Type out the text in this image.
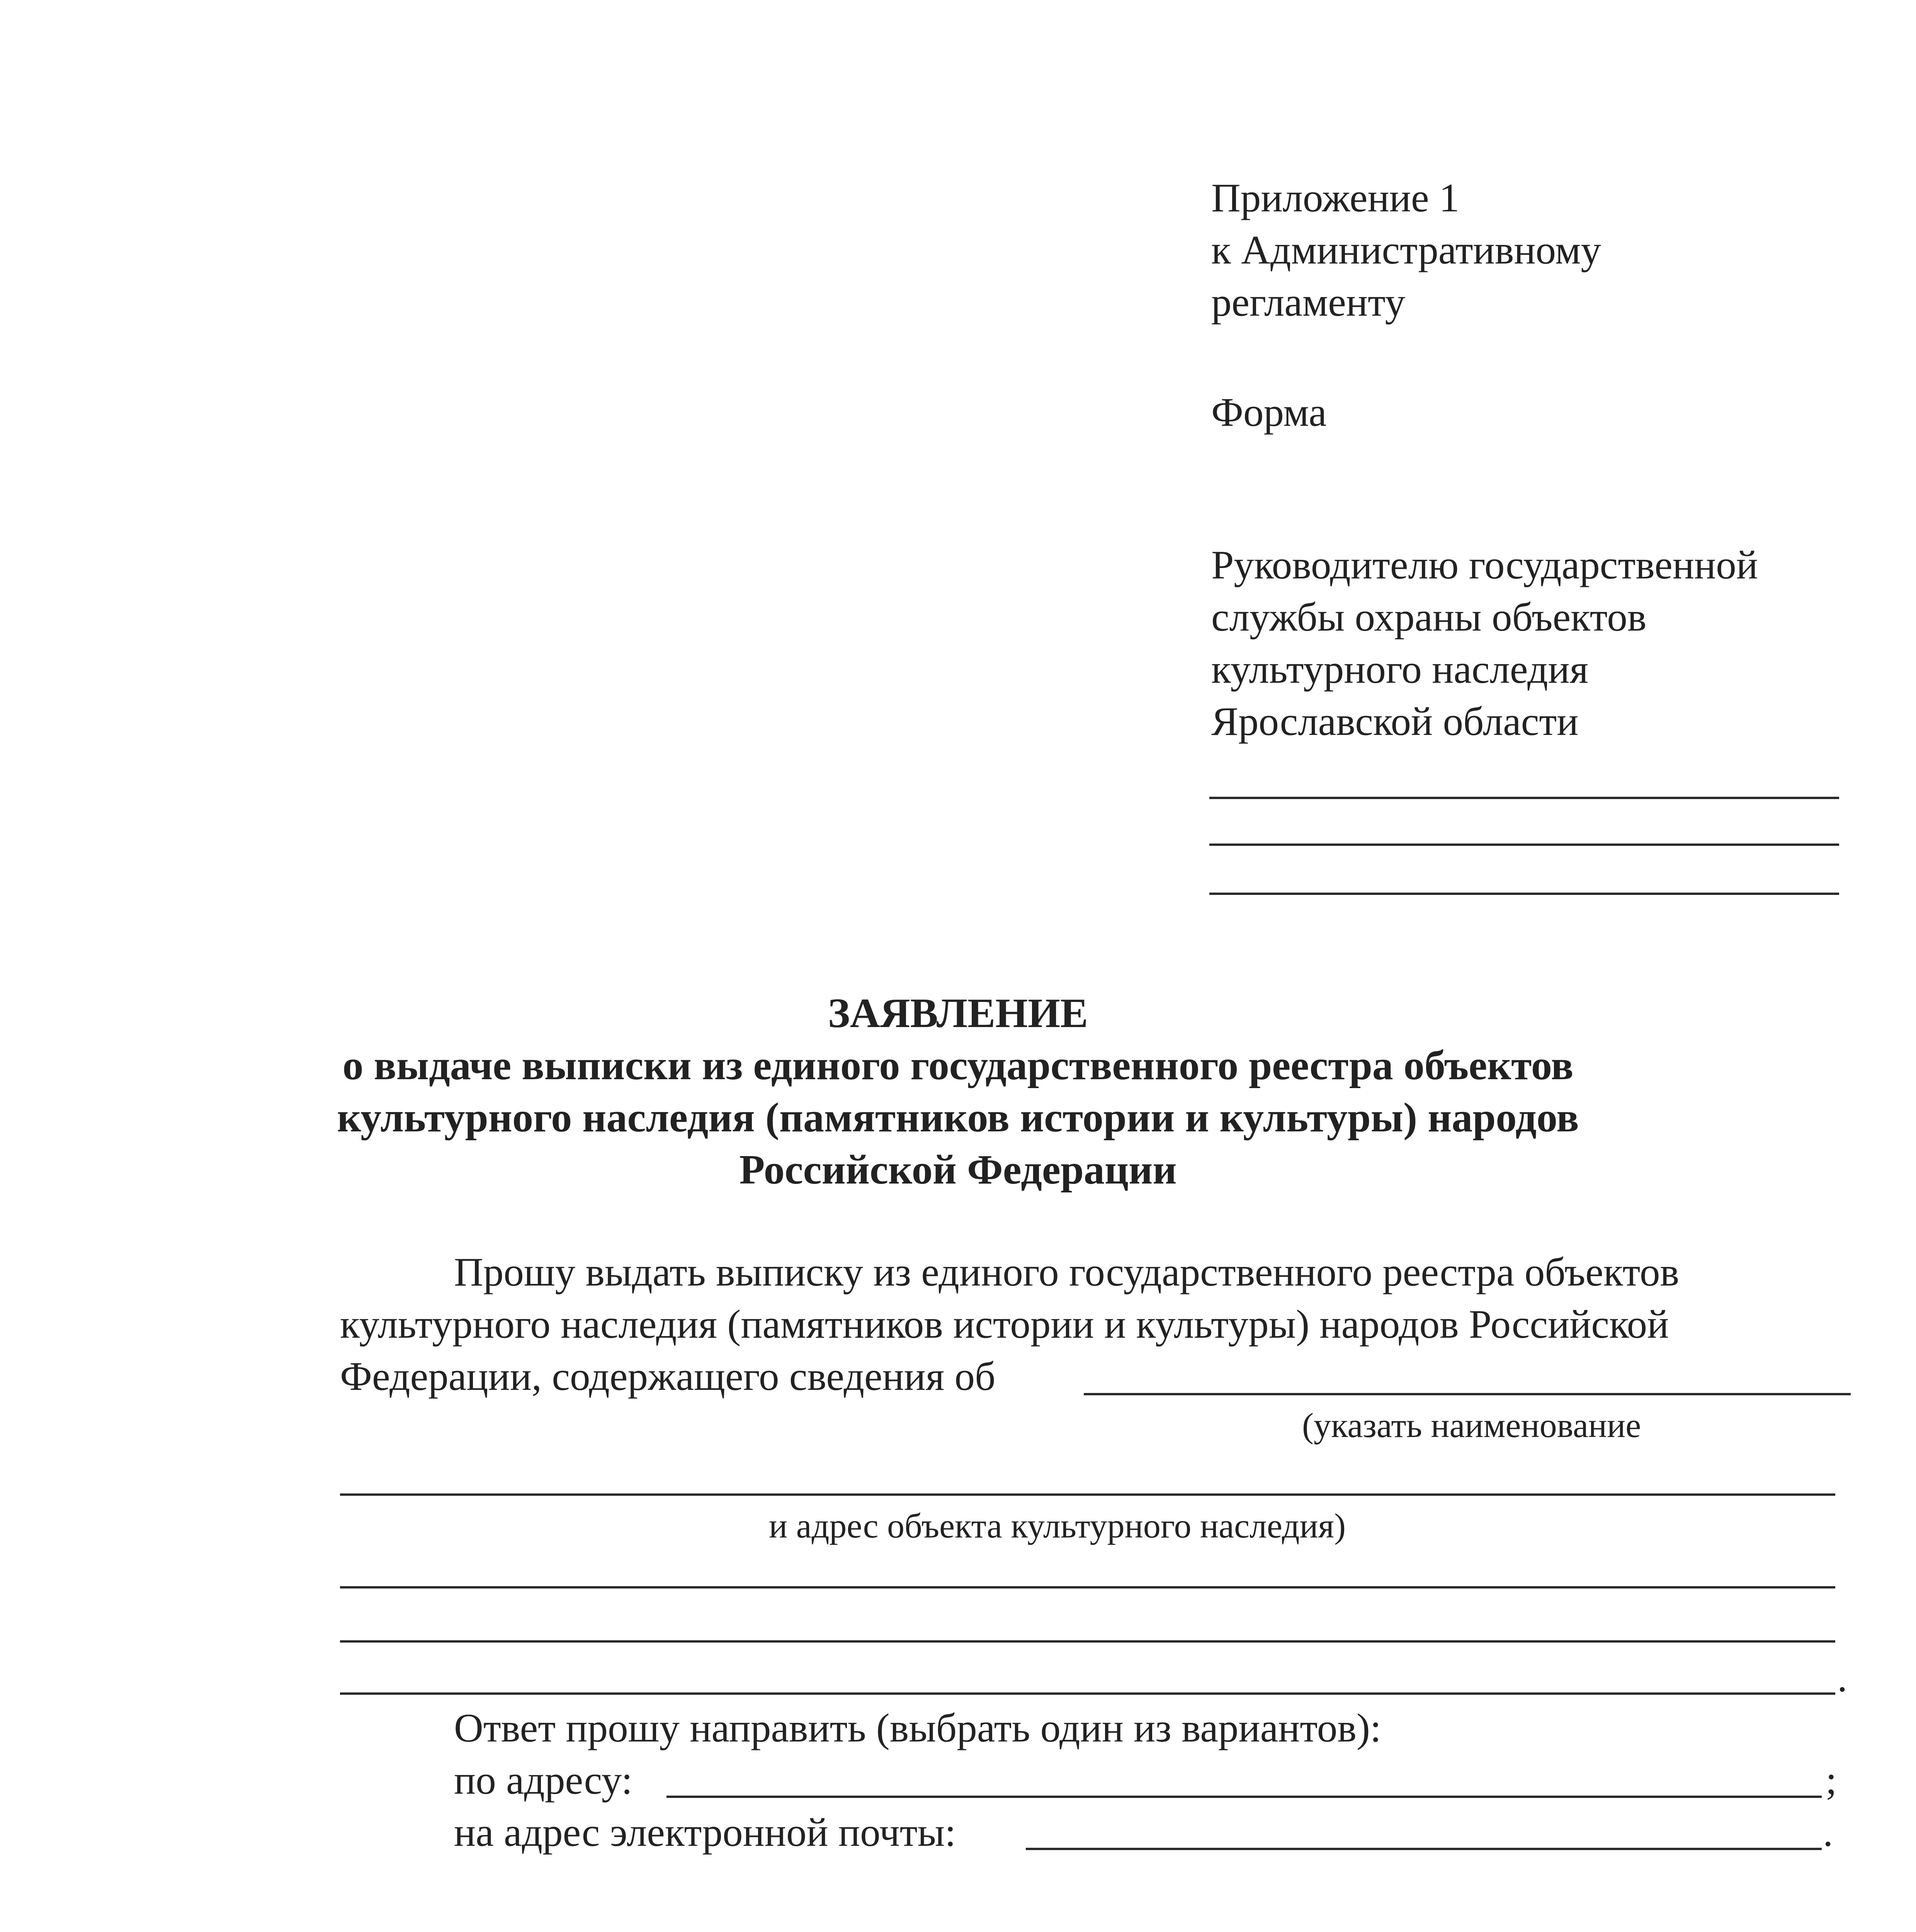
Приложение 1
к Административному
регламенту
Форма
Руководителю государственной
службы охраны объектов
культурного наследия
Ярославской области
ЗАЯВЛЕНИЕ
о выдаче выписки из единого государственного реестра объектов
культурного наследия (памятников истории и культуры) народов
Российской Федерации
Прошу выдать выписку из единого государственного реестра объектов
культурного наследия (памятников истории и культуры) народов Российской
Федерации, содержащего сведения об
(указать наименование
и адрес объекта культурного наследия)
.
Ответ прошу направить (выбрать один из вариантов):
по адресу:	;
на адрес электронной почты:	.
